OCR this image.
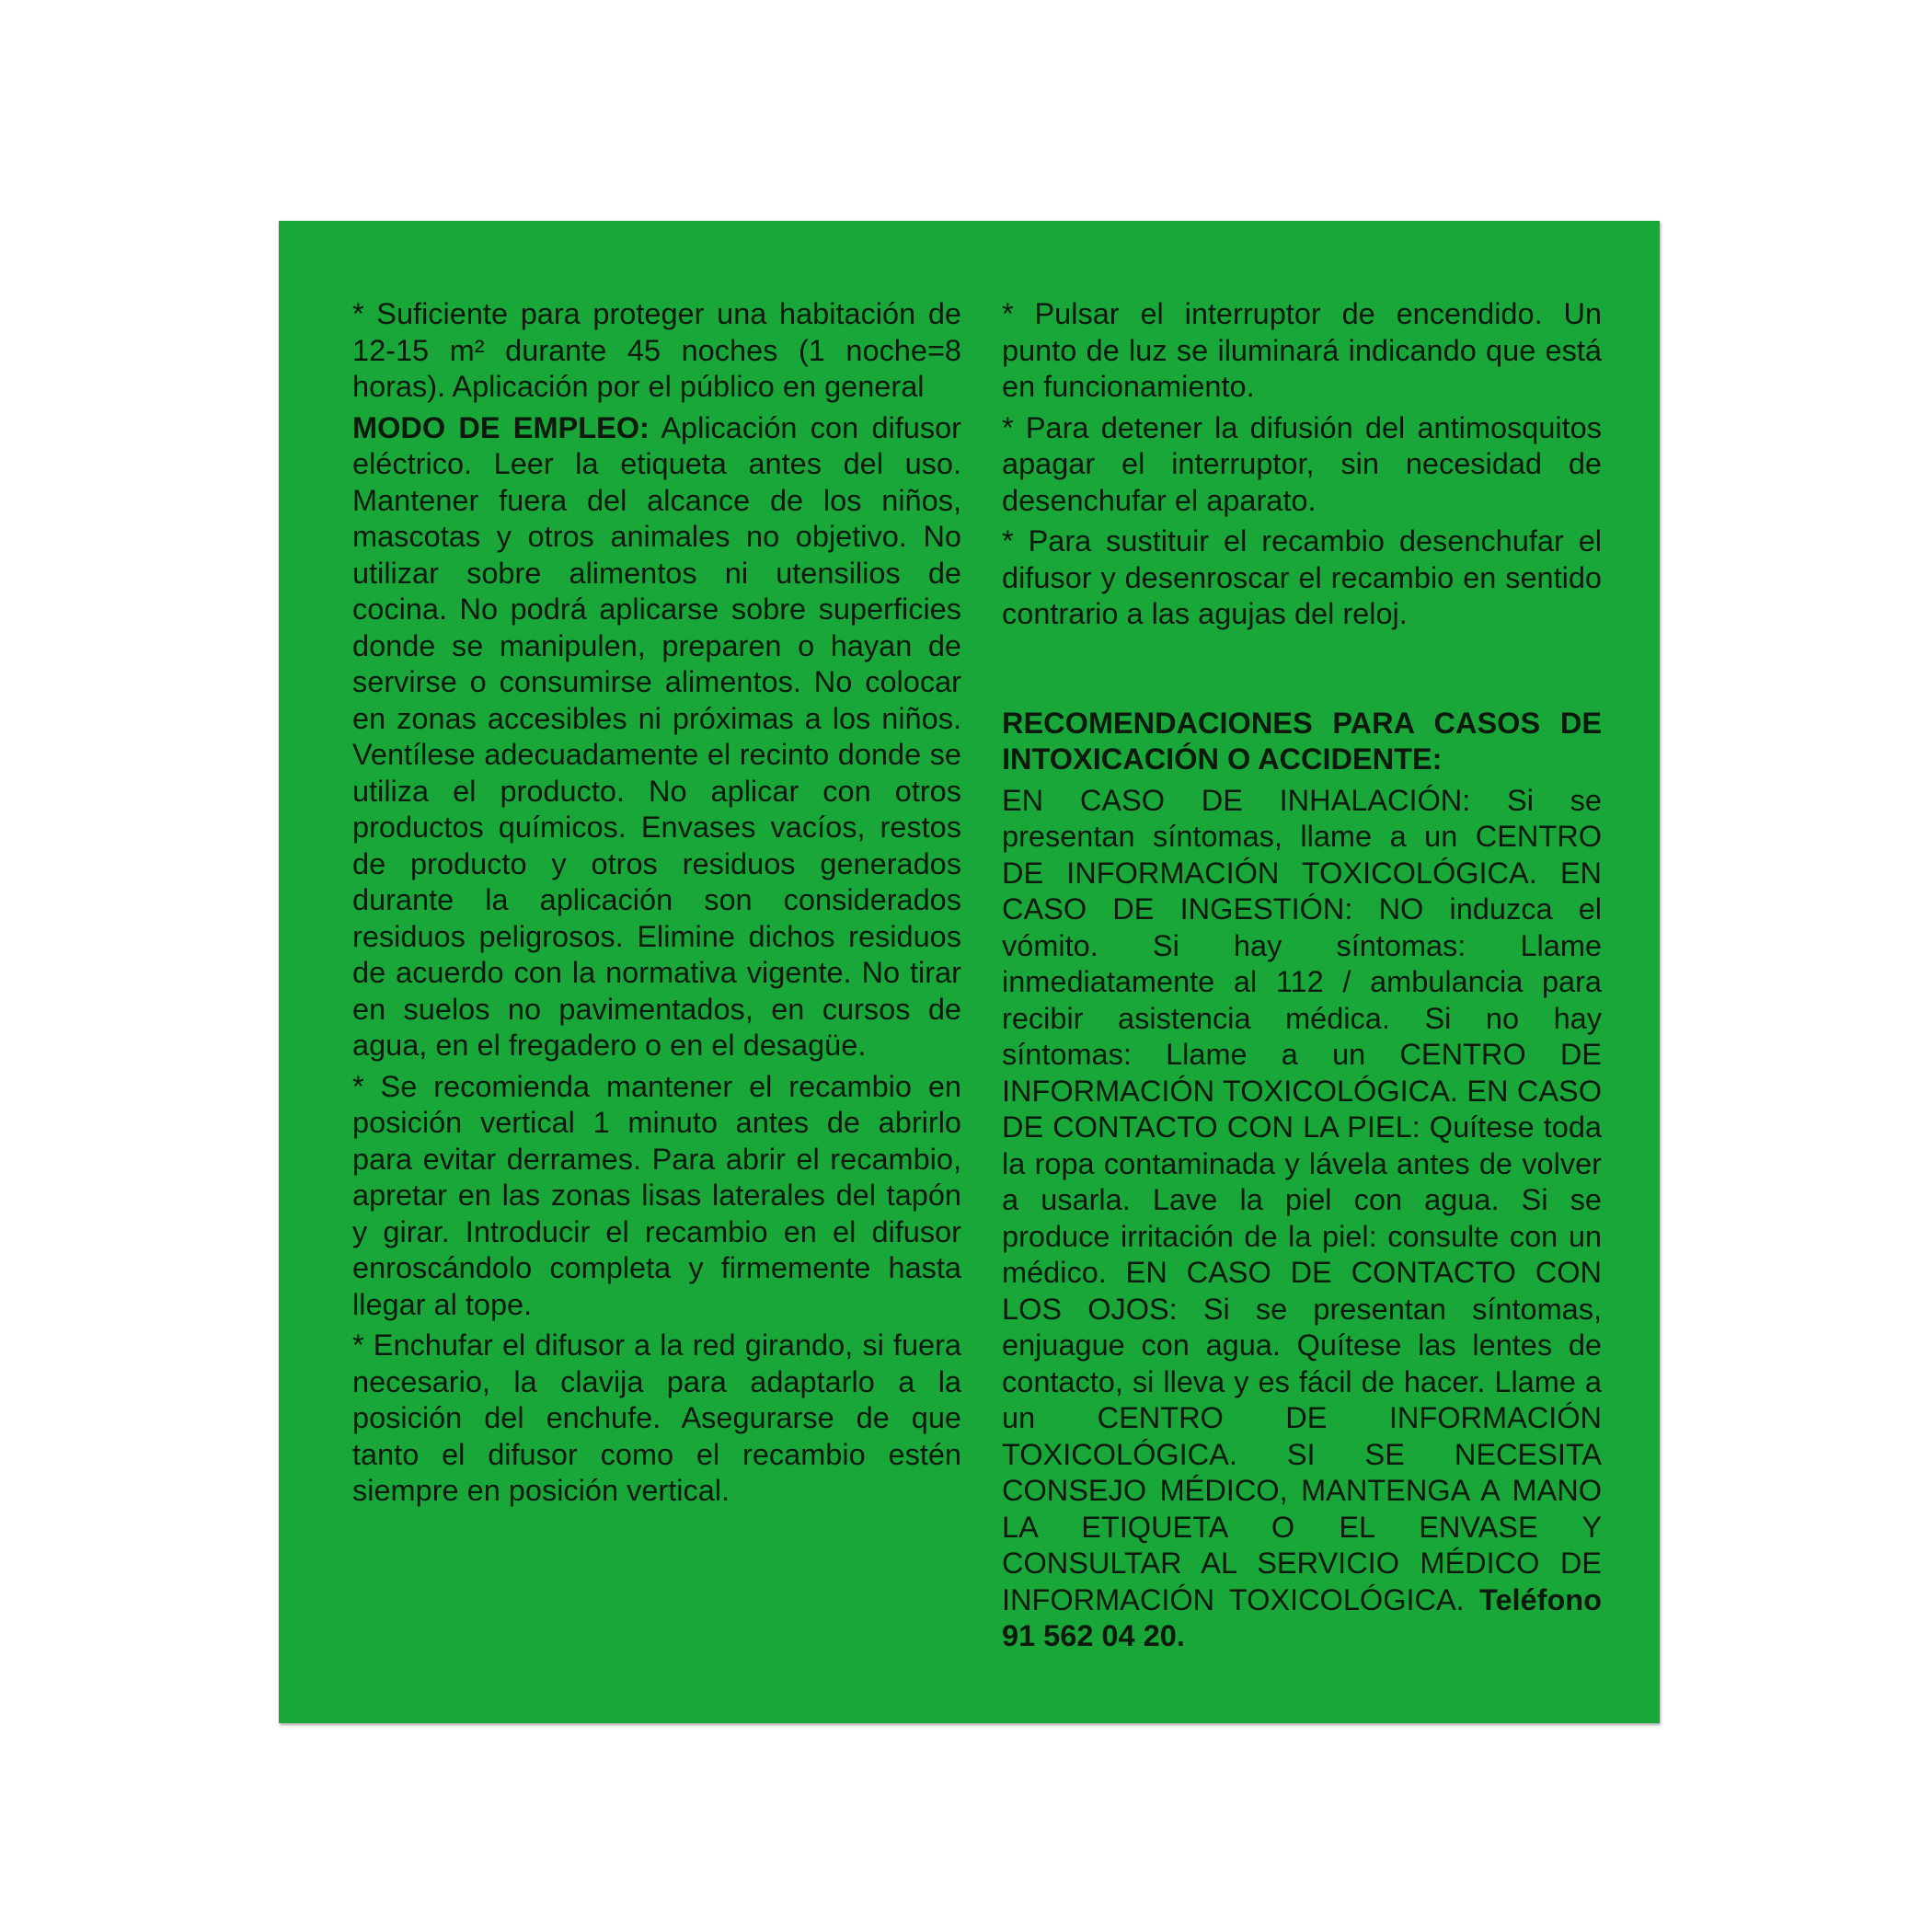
* Suficiente para proteger una habitación de 12-15 m² durante 45 noches (1 noche=8 horas). Aplicación por el público en general

MODO DE EMPLEO: Aplicación con difusor eléctrico. Leer la etiqueta antes del uso. Mantener fuera del alcance de los niños, mascotas y otros animales no objetivo. No utilizar sobre alimentos ni utensilios de cocina. No podrá aplicarse sobre superficies donde se manipulen, preparen o hayan de servirse o consumirse alimentos. No colocar en zonas accesibles ni próximas a los niños. Ventílese adecuadamente el recinto donde se utiliza el producto. No aplicar con otros productos químicos. Envases vacíos, restos de producto y otros residuos generados durante la aplicación son considerados residuos peligrosos. Elimine dichos residuos de acuerdo con la normativa vigente. No tirar en suelos no pavimentados, en cursos de agua, en el fregadero o en el desagüe.

* Se recomienda mantener el recambio en posición vertical 1 minuto antes de abrirlo para evitar derrames. Para abrir el recambio, apretar en las zonas lisas laterales del tapón y girar. Introducir el recambio en el difusor enroscándolo completa y firmemente hasta llegar al tope.

* Enchufar el difusor a la red girando, si fuera necesario, la clavija para adaptarlo a la posición del enchufe. Asegurarse de que tanto el difusor como el recambio estén siempre en posición vertical.

* Pulsar el interruptor de encendido. Un punto de luz se iluminará indicando que está en funcionamiento.

* Para detener la difusión del antimosquitos apagar el interruptor, sin necesidad de desenchufar el aparato.

* Para sustituir el recambio desenchufar el difusor y desenroscar el recambio en sentido contrario a las agujas del reloj.

RECOMENDACIONES PARA CASOS DE INTOXICACIÓN O ACCIDENTE:

EN CASO DE INHALACIÓN: Si se presentan síntomas, llame a un CENTRO DE INFORMACIÓN TOXICOLÓGICA. EN CASO DE INGESTIÓN: NO induzca el vómito. Si hay síntomas: Llame inmediatamente al 112 / ambulancia para recibir asistencia médica. Si no hay síntomas: Llame a un CENTRO DE INFORMACIÓN TOXICOLÓGICA. EN CASO DE CONTACTO CON LA PIEL: Quítese toda la ropa contaminada y lávela antes de volver a usarla. Lave la piel con agua. Si se produce irritación de la piel: consulte con un médico. EN CASO DE CONTACTO CON LOS OJOS: Si se presentan síntomas, enjuague con agua. Quítese las lentes de contacto, si lleva y es fácil de hacer. Llame a un CENTRO DE INFORMACIÓN TOXICOLÓGICA. SI SE NECESITA CONSEJO MÉDICO, MANTENGA A MANO LA ETIQUETA O EL ENVASE Y CONSULTAR AL SERVICIO MÉDICO DE INFORMACIÓN TOXICOLÓGICA. Teléfono 91 562 04 20.
